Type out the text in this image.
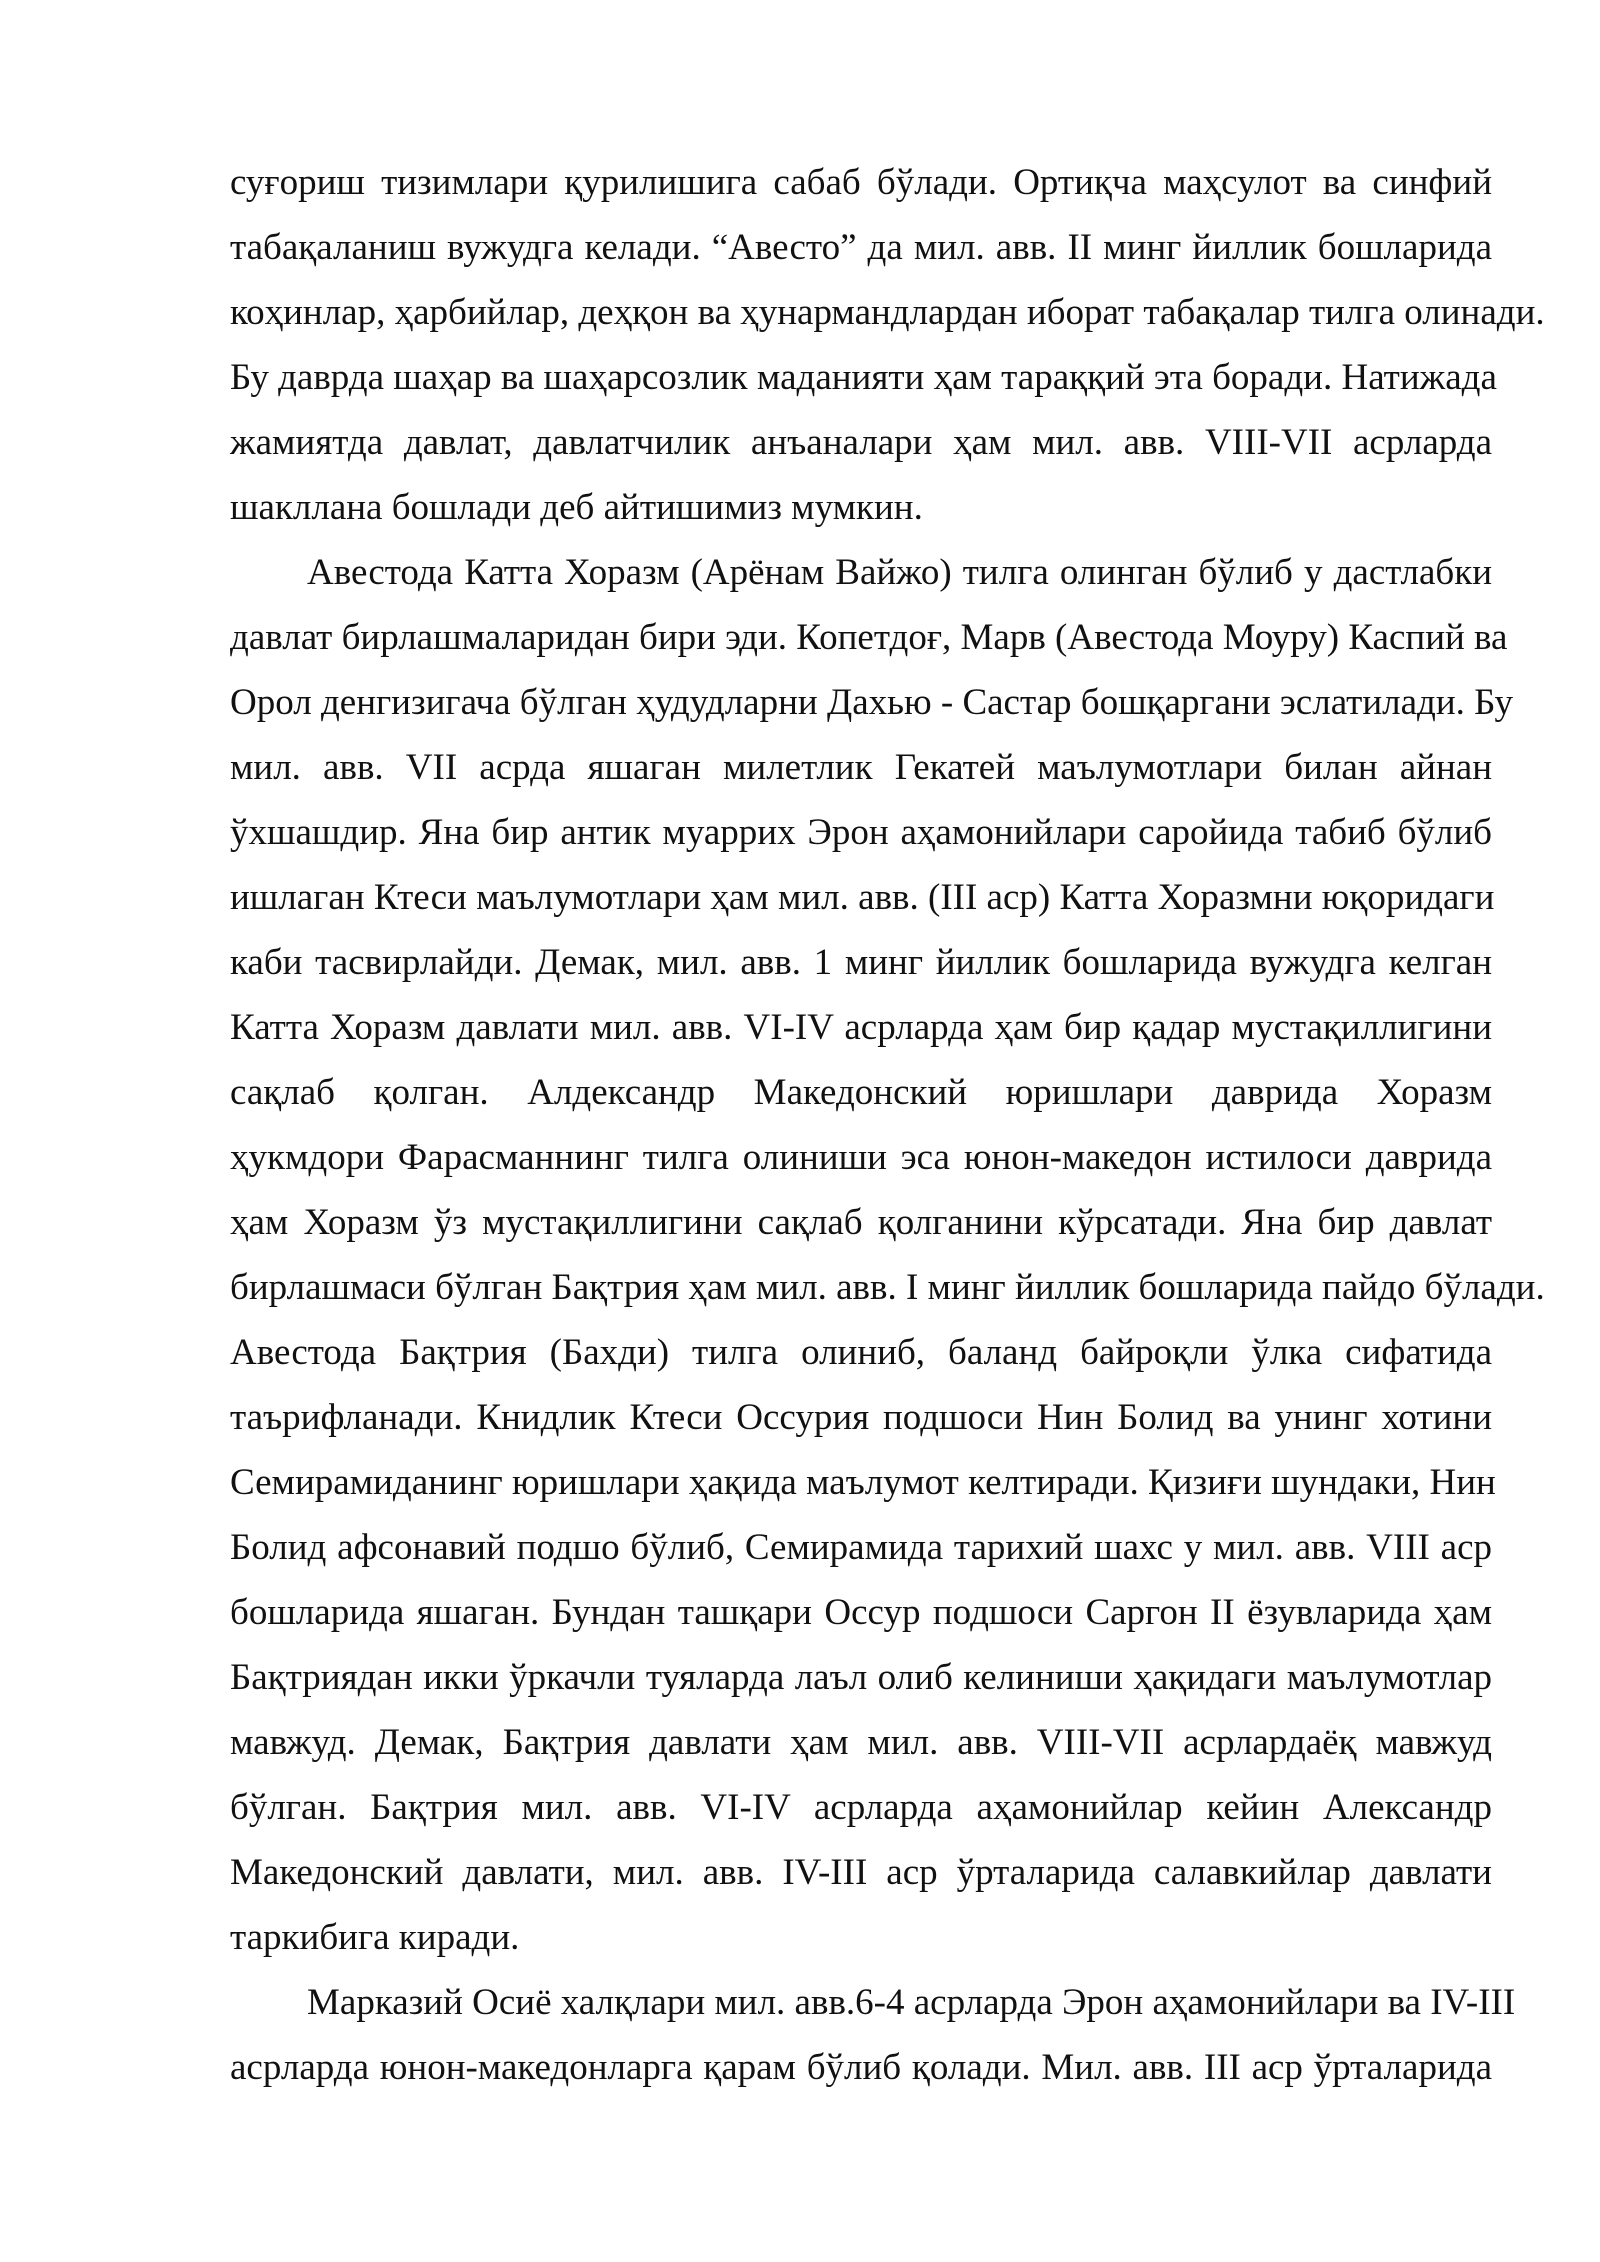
суғориш тизимлари қурилишига сабаб бўлади. Ортиқча маҳсулот ва синфий
табақаланиш вужудга келади. “Авесто” да мил. авв. II минг йиллик бошларида
коҳинлар, ҳарбийлар, деҳқон ва ҳунармандлардан иборат табақалар тилга олинади.
Бу даврда шаҳар ва шаҳарсозлик маданияти ҳам тараққий эта боради. Натижада
жамиятда давлат, давлатчилик анъаналари ҳам мил. авв. VIII-VII асрларда
шаклланa бошлади деб айтишимиз мумкин.
Авестода Катта Хоразм (Арёнам Вайжо) тилга олинган бўлиб у дастлабки
давлат бирлашмаларидан бири эди. Копетдоғ, Марв (Авестода Моуру) Каспий ва
Орол денгизигача бўлган ҳудудларни Дахью - Састар бошқаргани эслатилади. Бу
мил. авв. VII асрда яшаган милетлик Гекатей маълумотлари билан айнан
ўхшашдир. Яна бир антик муаррих Эрон аҳамонийлари саройида табиб бўлиб
ишлаган Ктеси маълумотлари ҳам мил. авв. (III аср) Катта Хоразмни юқоридаги
каби тасвирлайди. Демак, мил. авв. 1 минг йиллик бошларида вужудга келган
Катта Хоразм давлати мил. авв. VI-IV асрларда ҳам бир қадар мустақиллигини
сақлаб қолган. Алдександр Македонский юришлари даврида Хоразм
ҳукмдори Фарасманнинг тилга олиниши эса юнон-македон истилоси даврида
ҳам Хоразм ўз мустақиллигини сақлаб қолганини кўрсатади. Яна бир давлат
бирлашмаси бўлган Бақтрия ҳам мил. авв. I минг йиллик бошларида пайдо бўлади.
Авестода Бақтрия (Бахди) тилга олиниб, баланд байроқли ўлка сифатида
таърифланади. Книдлик Ктеси Оссурия подшоси Нин Болид ва унинг хотини
Семирамиданинг юришлари ҳақида маълумот келтиради. Қизиғи шундаки, Нин
Болид афсонавий подшо бўлиб, Семирамида тарихий шахс у мил. авв. VIII аср
бошларида яшаган. Бундан ташқари Оссур подшоси Саргон II ёзувларида ҳам
Бақтриядан икки ўркачли туяларда лаъл олиб келиниши ҳақидаги маълумотлар
мавжуд. Демак, Бақтрия давлати ҳам мил. авв. VIII-VII асрлардаёқ мавжуд
бўлган. Бақтрия мил. авв. VI-IV асрларда аҳамонийлар кейин Александр
Македонский давлати, мил. авв. IV-III аср ўрталарида салавкийлар давлати
таркибига киради.
Марказий Осиё халқлари мил. авв.6-4 асрларда Эрон аҳамонийлари ва IV-III
асрларда юнон-македонларга қарам бўлиб қолади. Мил. авв. III аср ўрталарида
